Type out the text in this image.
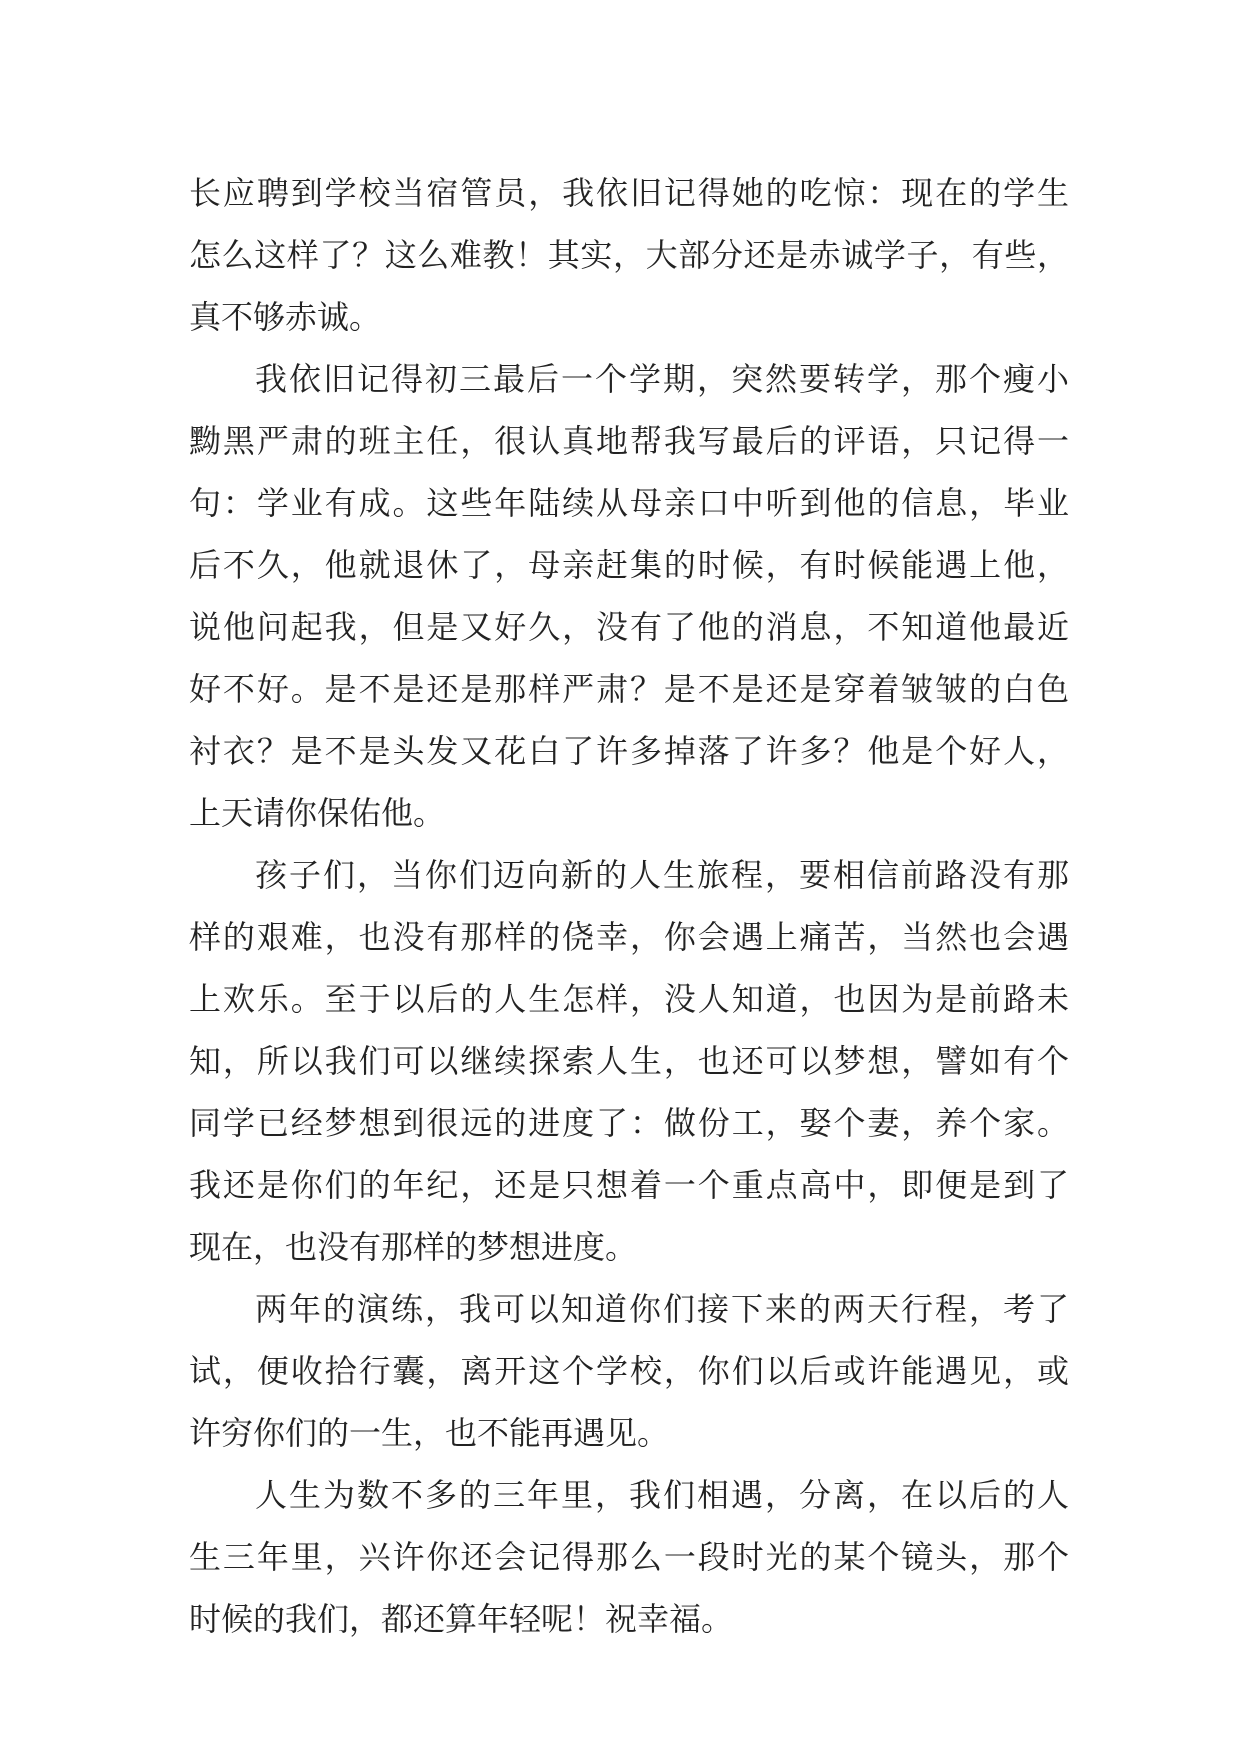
长应聘到学校当宿管员，我依旧记得她的吃惊：现在的学生
怎么这样了？这么难教！其实，大部分还是赤诚学子，有些，
真不够赤诚。
我依旧记得初三最后一个学期，突然要转学，那个瘦小
黝黑严肃的班主任，很认真地帮我写最后的评语，只记得一
句：学业有成。这些年陆续从母亲口中听到他的信息，毕业
后不久，他就退休了，母亲赶集的时候，有时候能遇上他，
说他问起我，但是又好久，没有了他的消息，不知道他最近
好不好。是不是还是那样严肃？是不是还是穿着皱皱的白色
衬衣？是不是头发又花白了许多掉落了许多？他是个好人，
上天请你保佑他。
孩子们，当你们迈向新的人生旅程，要相信前路没有那
样的艰难，也没有那样的侥幸，你会遇上痛苦，当然也会遇
上欢乐。至于以后的人生怎样，没人知道，也因为是前路未
知，所以我们可以继续探索人生，也还可以梦想，譬如有个
同学已经梦想到很远的进度了：做份工，娶个妻，养个家。
我还是你们的年纪，还是只想着一个重点高中，即便是到了
现在，也没有那样的梦想进度。
两年的演练，我可以知道你们接下来的两天行程，考了
试，便收拾行囊，离开这个学校，你们以后或许能遇见，或
许穷你们的一生，也不能再遇见。
人生为数不多的三年里，我们相遇，分离，在以后的人
生三年里，兴许你还会记得那么一段时光的某个镜头，那个
时候的我们，都还算年轻呢！祝幸福。
